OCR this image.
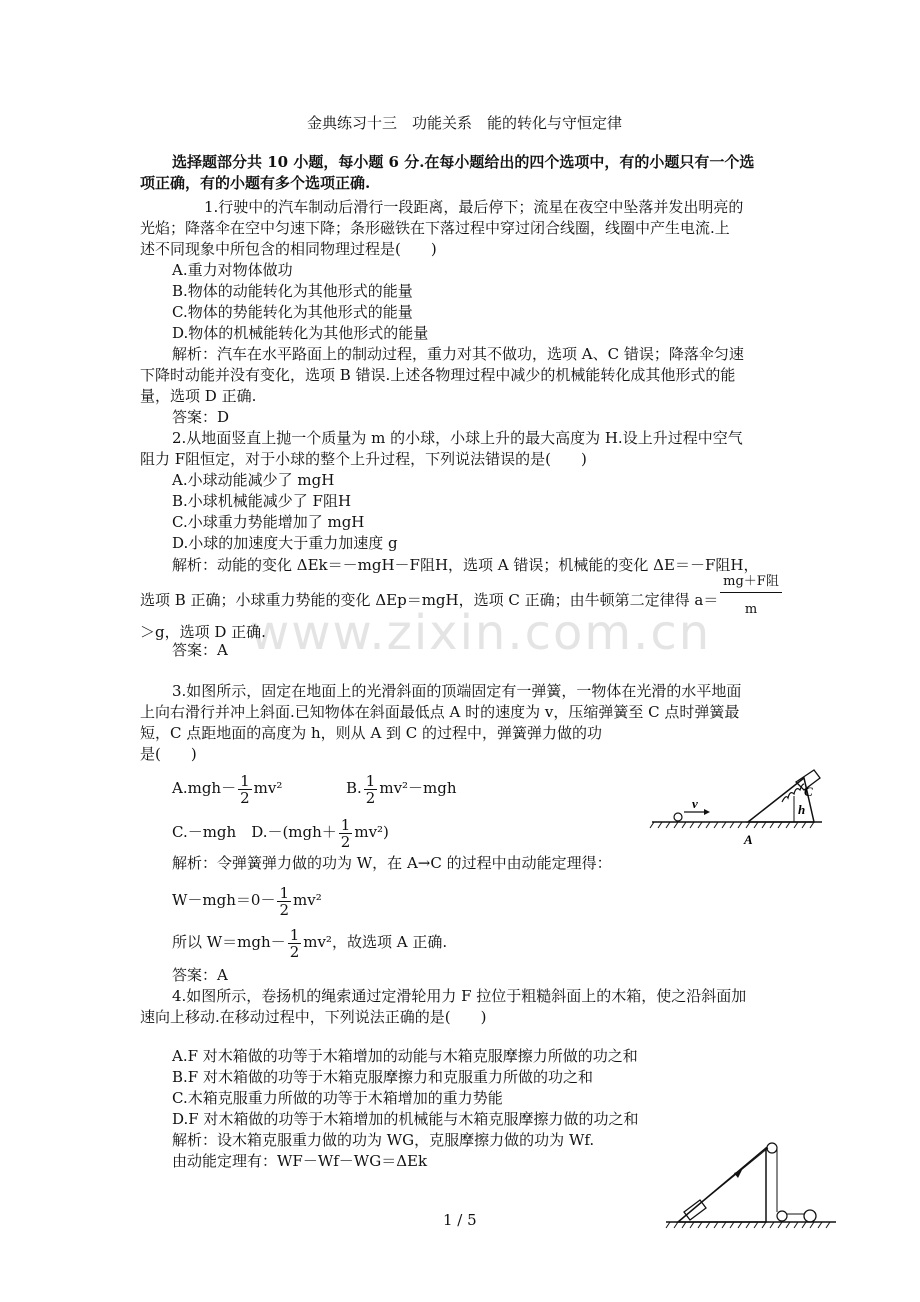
www.zixin.com.cn
金典练习十三　功能关系　能的转化与守恒定律
选择题部分共 10 小题，每小题 6 分.在每小题给出的四个选项中，有的小题只有一个选
项正确，有的小题有多个选项正确.
1.行驶中的汽车制动后滑行一段距离，最后停下；流星在夜空中坠落并发出明亮的
光焰；降落伞在空中匀速下降；条形磁铁在下落过程中穿过闭合线圈，线圈中产生电流.上
述不同现象中所包含的相同物理过程是(　　)
A.重力对物体做功
B.物体的动能转化为其他形式的能量
C.物体的势能转化为其他形式的能量
D.物体的机械能转化为其他形式的能量
解析：汽车在水平路面上的制动过程，重力对其不做功，选项 A、C 错误；降落伞匀速
下降时动能并没有变化，选项 B 错误.上述各物理过程中减少的机械能转化成其他形式的能
量，选项 D 正确.
答案：D
2.从地面竖直上抛一个质量为 m 的小球，小球上升的最大高度为 H.设上升过程中空气
阻力 F阻恒定，对于小球的整个上升过程，下列说法错误的是(　　)
A.小球动能减少了 mgH
B.小球机械能减少了 F阻H
C.小球重力势能增加了 mgH
D.小球的加速度大于重力加速度 g
解析：动能的变化 ΔEk＝－mgH－F阻H，选项 A 错误；机械能的变化 ΔE＝－F阻H，
选项 B 正确；小球重力势能的变化 ΔEp＝mgH，选项 C 正确；由牛顿第二定律得 a＝
mg＋F阻
m
＞g，选项 D 正确.
答案：A
3.如图所示，固定在地面上的光滑斜面的顶端固定有一弹簧，一物体在光滑的水平地面
上向右滑行并冲上斜面.已知物体在斜面最低点 A 时的速度为 v，压缩弹簧至 C 点时弹簧最
短，C 点距地面的高度为 h，则从 A 到 C 的过程中，弹簧弹力做的功
是(　　)
$A.mgh- \frac{1}{2} mv^2$	B. $\frac{1}{2} mv^2-mgh$
C.－mgh　$D.-(mgh+ \frac{1}{2} mv^2)$
解析：令弹簧弹力做的功为 W，在 A→C 的过程中由动能定理得：
$W-mgh=0- \frac{1}{2} mv^2$
所以 $W=mgh- \frac{1}{2} mv^2$，故选项 A 正确.
答案：A
v	h
C
A
4.如图所示，卷扬机的绳索通过定滑轮用力 F 拉位于粗糙斜面上的木箱，使之沿斜面加
速向上移动.在移动过程中，下列说法正确的是(　　)
A.F 对木箱做的功等于木箱增加的动能与木箱克服摩擦力所做的功之和
B.F 对木箱做的功等于木箱克服摩擦力和克服重力所做的功之和
C.木箱克服重力所做的功等于木箱增加的重力势能
D.F 对木箱做的功等于木箱增加的机械能与木箱克服摩擦力做的功之和
解析：设木箱克服重力做的功为 WG，克服摩擦力做的功为 Wf.
由动能定理有：WF－Wf－WG＝ΔEk
1 / 5
